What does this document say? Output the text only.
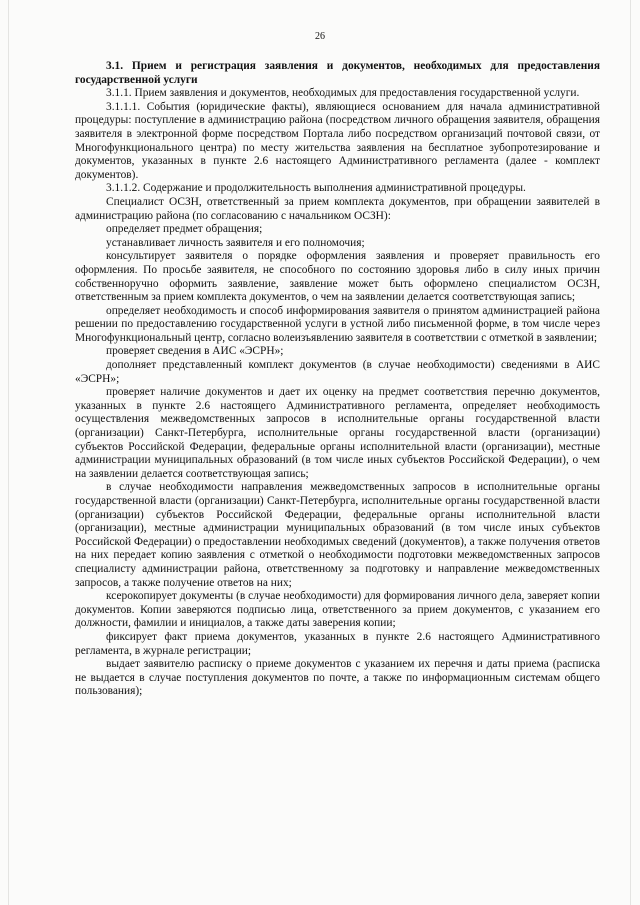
26

3.1. Прием и регистрация заявления и документов, необходимых для предоставления государственной услуги

3.1.1. Прием заявления и документов, необходимых для предоставления государственной услуги.

3.1.1.1. События (юридические факты), являющиеся основанием для начала административной процедуры: поступление в администрацию района (посредством личного обращения заявителя, обращения заявителя в электронной форме посредством Портала либо посредством организаций почтовой связи, от Многофункционального центра) по месту жительства заявления на бесплатное зубопротезирование и документов, указанных в пункте 2.6 настоящего Административного регламента (далее - комплект документов).

3.1.1.2. Содержание и продолжительность выполнения административной процедуры.

Специалист ОСЗН, ответственный за прием комплекта документов, при обращении заявителей в администрацию района (по согласованию с начальником ОСЗН):

определяет предмет обращения;

устанавливает личность заявителя и его полномочия;

консультирует заявителя о порядке оформления заявления и проверяет правильность его оформления. По просьбе заявителя, не способного по состоянию здоровья либо в силу иных причин собственноручно оформить заявление, заявление может быть оформлено специалистом ОСЗН, ответственным за прием комплекта документов, о чем на заявлении делается соответствующая запись;

определяет необходимость и способ информирования заявителя о принятом администрацией района решении по предоставлению государственной услуги в устной либо письменной форме, в том числе через Многофункциональный центр, согласно волеизъявлению заявителя в соответствии с отметкой в заявлении;

проверяет сведения в АИС «ЭСРН»;

дополняет представленный комплект документов (в случае необходимости) сведениями в АИС «ЭСРН»;

проверяет наличие документов и дает их оценку на предмет соответствия перечню документов, указанных в пункте 2.6 настоящего Административного регламента, определяет необходимость осуществления межведомственных запросов в исполнительные органы государственной власти (организации) Санкт-Петербурга, исполнительные органы государственной власти (организации) субъектов Российской Федерации, федеральные органы исполнительной власти (организации), местные администрации муниципальных образований (в том числе иных субъектов Российской Федерации), о чем на заявлении делается соответствующая запись;

в случае необходимости направления межведомственных запросов в исполнительные органы государственной власти (организации) Санкт-Петербурга, исполнительные органы государственной власти (организации) субъектов Российской Федерации, федеральные органы исполнительной власти (организации), местные администрации муниципальных образований (в том числе иных субъектов Российской Федерации) о предоставлении необходимых сведений (документов), а также получения ответов на них передает копию заявления с отметкой о необходимости подготовки межведомственных запросов специалисту администрации района, ответственному за подготовку и направление межведомственных запросов, а также получение ответов на них;

ксерокопирует документы (в случае необходимости) для формирования личного дела, заверяет копии документов. Копии заверяются подписью лица, ответственного за прием документов, с указанием его должности, фамилии и инициалов, а также даты заверения копии;

фиксирует факт приема документов, указанных в пункте 2.6 настоящего Административного регламента, в журнале регистрации;

выдает заявителю расписку о приеме документов с указанием их перечня и даты приема (расписка не выдается в случае поступления документов по почте, а также по информационным системам общего пользования);
